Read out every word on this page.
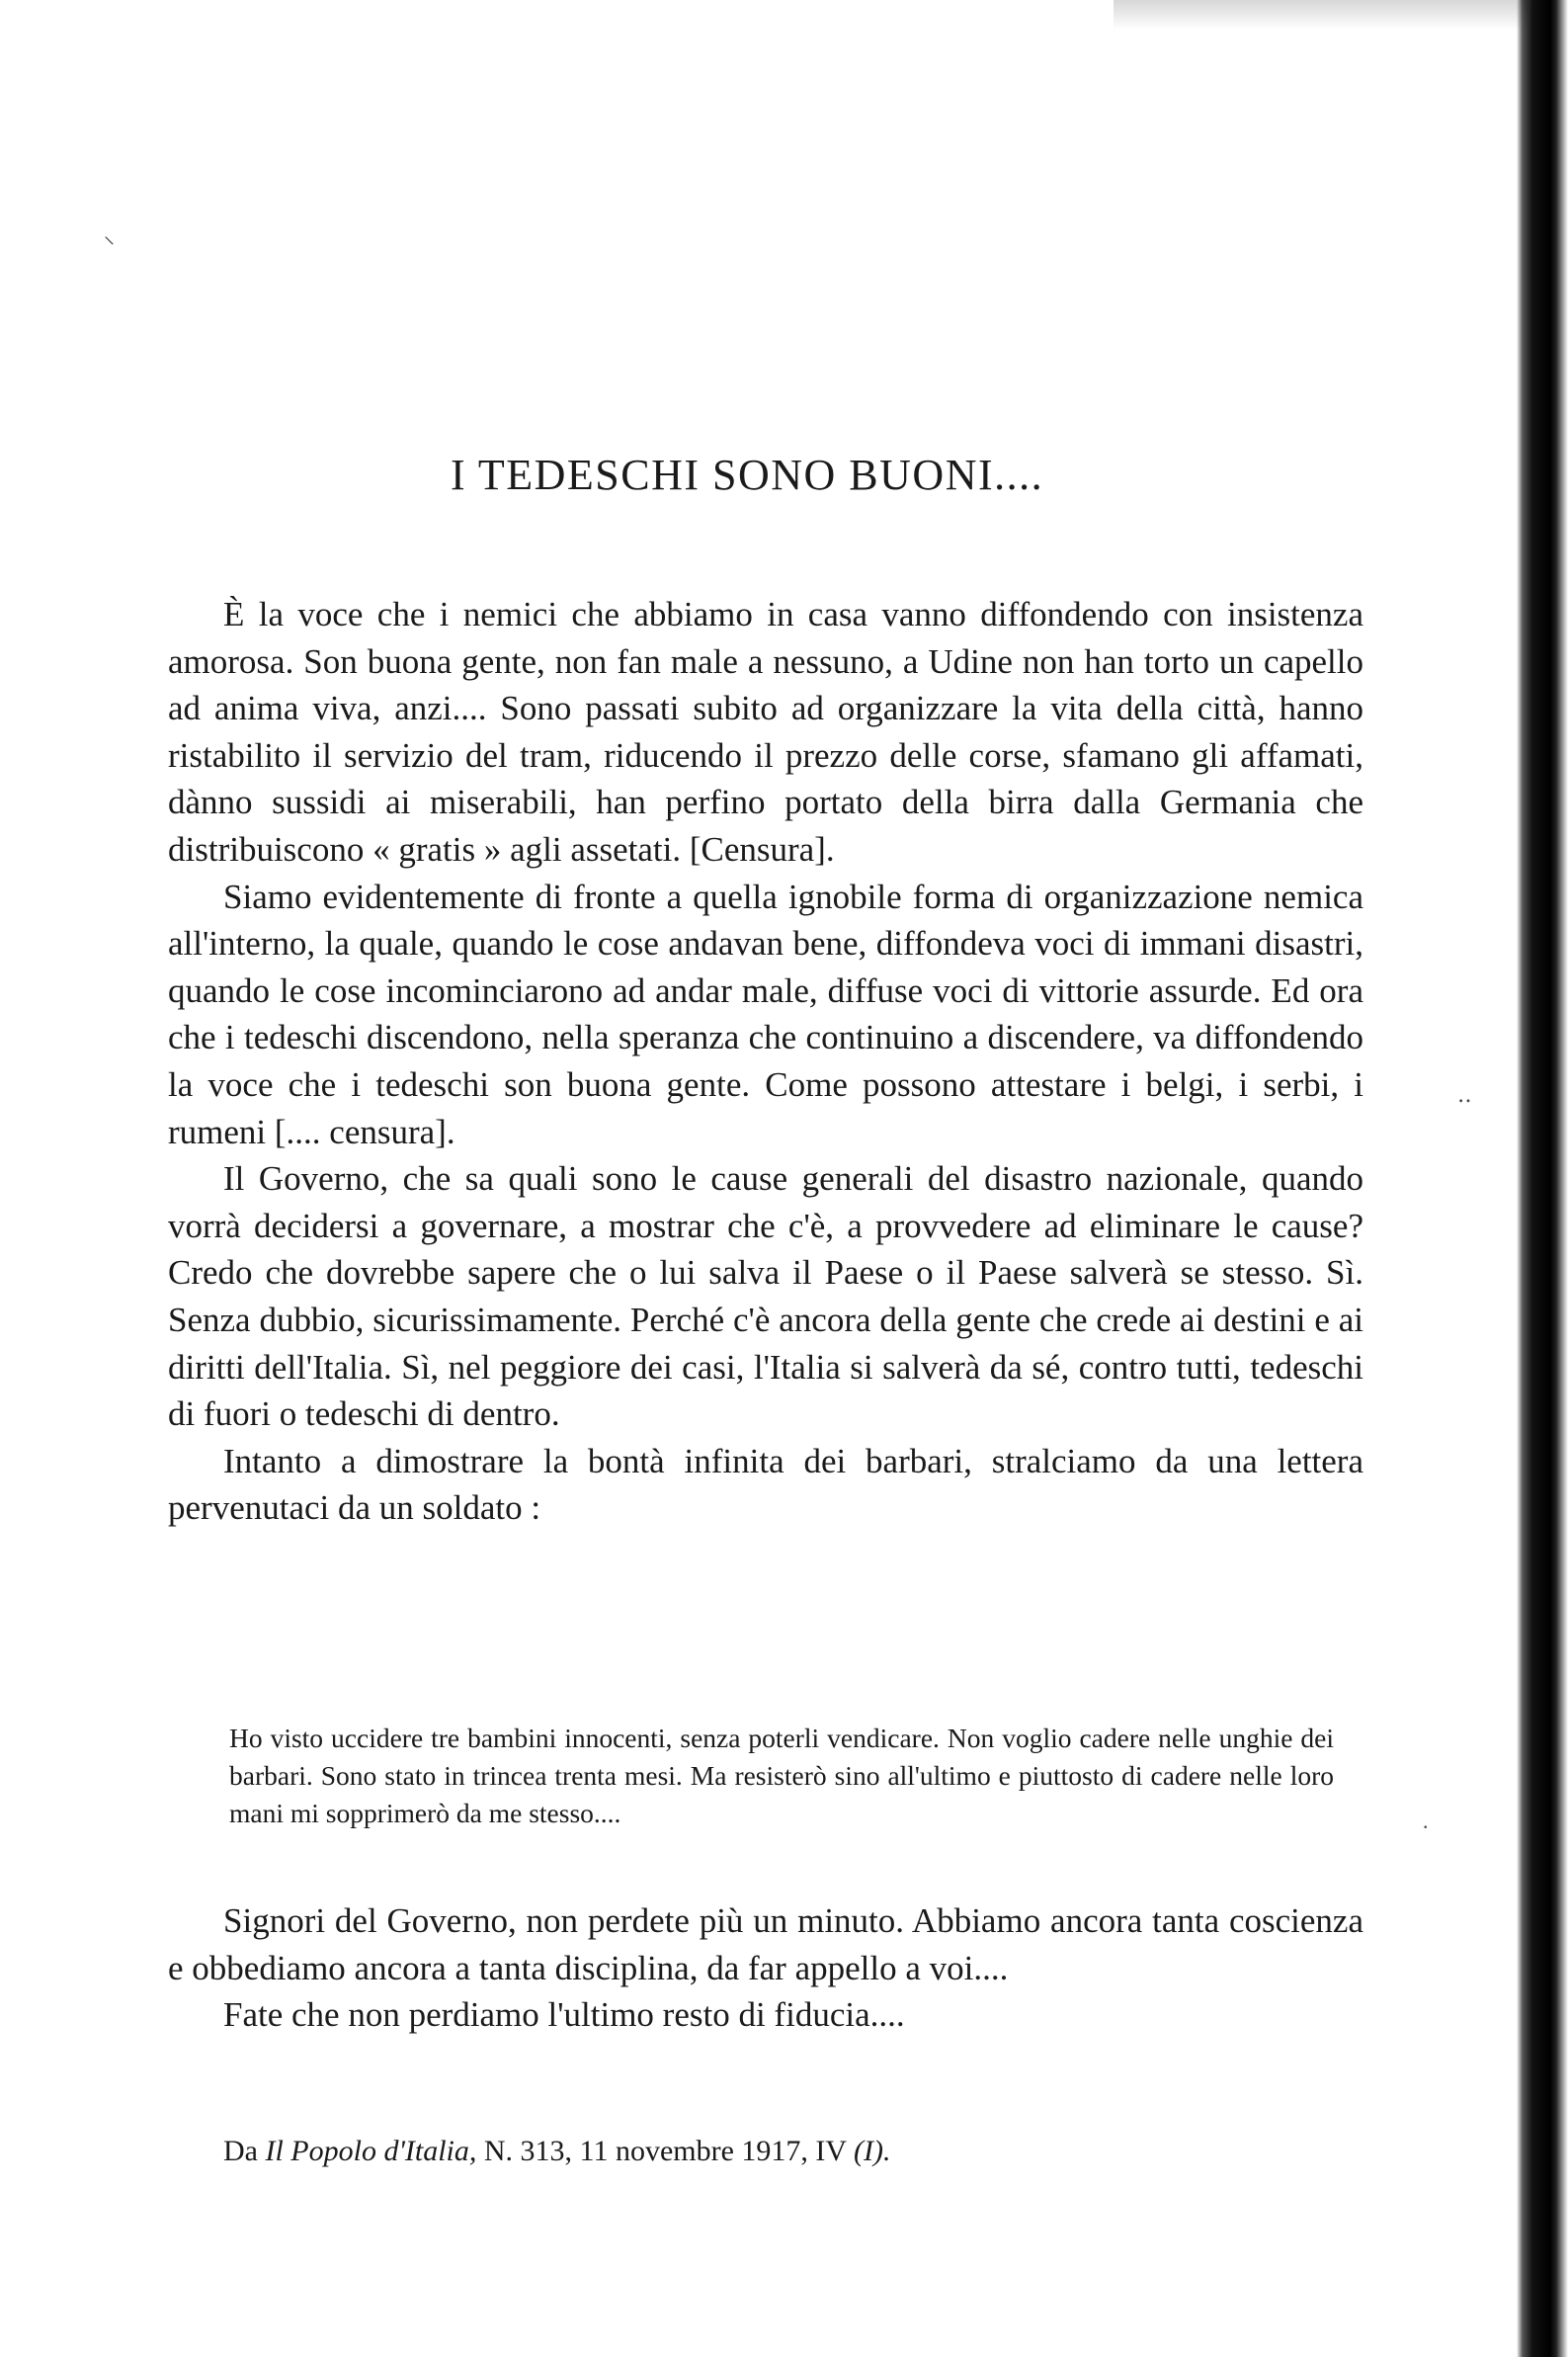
I TEDESCHI SONO BUONI....

È la voce che i nemici che abbiamo in casa vanno diffondendo con insistenza amorosa. Son buona gente, non fan male a nessuno, a Udine non han torto un capello ad anima viva, anzi.... Sono passati subito ad organizzare la vita della città, hanno ristabilito il servizio del tram, riducendo il prezzo delle corse, sfamano gli affamati, dànno sussidi ai miserabili, han perfino portato della birra dalla Germania che distribuiscono « gratis » agli assetati. [Censura].

Siamo evidentemente di fronte a quella ignobile forma di organizzazione nemica all'interno, la quale, quando le cose andavan bene, diffondeva voci di immani disastri, quando le cose incominciarono ad andar male, diffuse voci di vittorie assurde. Ed ora che i tedeschi discendono, nella speranza che continuino a discendere, va diffondendo la voce che i tedeschi son buona gente. Come possono attestare i belgi, i serbi, i rumeni [.... censura].

Il Governo, che sa quali sono le cause generali del disastro nazionale, quando vorrà decidersi a governare, a mostrar che c'è, a provvedere ad eliminare le cause? Credo che dovrebbe sapere che o lui salva il Paese o il Paese salverà se stesso. Sì. Senza dubbio, sicurissimamente. Perché c'è ancora della gente che crede ai destini e ai diritti dell'Italia. Sì, nel peggiore dei casi, l'Italia si salverà da sé, contro tutti, tedeschi di fuori o tedeschi di dentro.

Intanto a dimostrare la bontà infinita dei barbari, stralciamo da una lettera pervenutaci da un soldato :

Ho visto uccidere tre bambini innocenti, senza poterli vendicare. Non voglio cadere nelle unghie dei barbari. Sono stato in trincea trenta mesi. Ma resisterò sino all'ultimo e piuttosto di cadere nelle loro mani mi sopprimerò da me stesso....

Signori del Governo, non perdete più un minuto. Abbiamo ancora tanta coscienza e obbediamo ancora a tanta disciplina, da far appello a voi....

Fate che non perdiamo l'ultimo resto di fiducia....

Da Il Popolo d'Italia, N. 313, 11 novembre 1917, IV (I).
‥
.
⸌
